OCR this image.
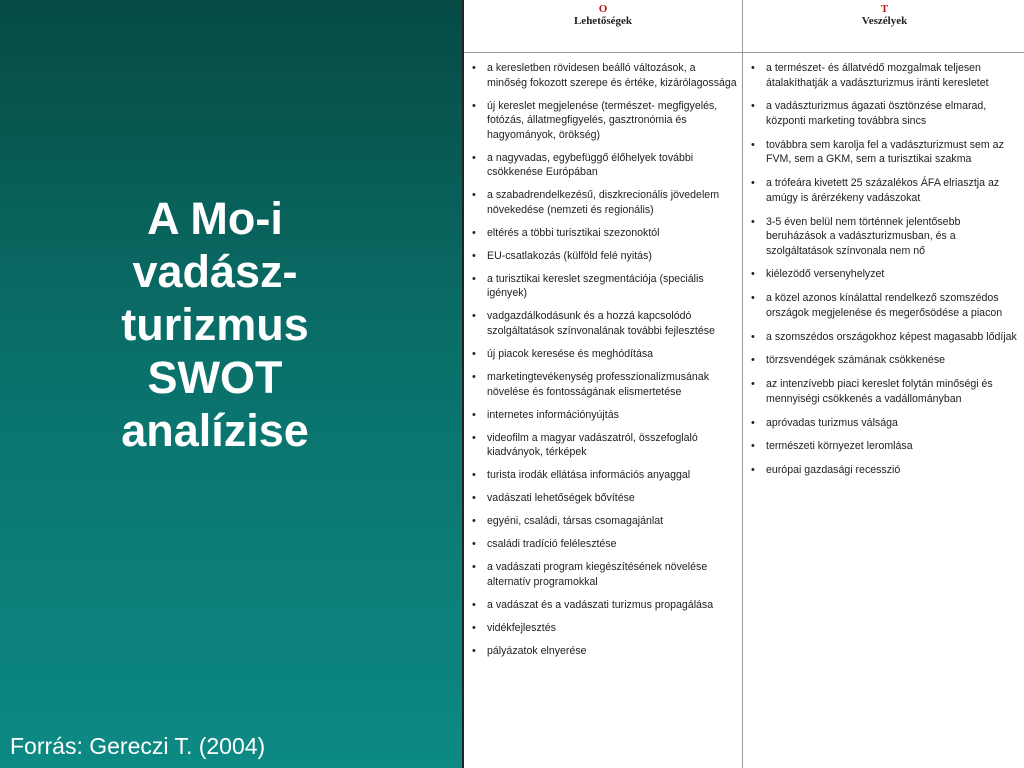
A Mo-i
vadász-
turizmus
SWOT
analízise
Forrás: Gereczi T. (2004)
O
Lehetőségek
T
Veszélyek
• a keresletben rövidesen beálló változások, a minőség fokozott szerepe és értéke, kizárólagossága
• új kereslet megjelenése (természet- megfigyelés, fotózás, állatmegfigyelés, gasztronómia és hagyományok, örökség)
• a nagyvadas, egybefüggő élőhelyek további csökkenése Európában
• a szabadrendelkezésű, diszkrecionális jövedelem növekedése (nemzeti és regionális)
• eltérés a többi turisztikai szezonoktól
• EU-csatlakozás (külföld felé nyitás)
• a turisztikai kereslet szegmentációja (speciális igények)
• vadgazdálkodásunk és a hozzá kapcsolódó szolgáltatások színvonalának további fejlesztése
• új piacok keresése és meghódítása
• marketingtevékenység professzionalizmusának növelése és fontosságának elismertetése
• internetes információnyújtás
• videofilm a magyar vadászatról, összefoglaló kiadványok, térképek
• turista irodák ellátása információs anyaggal
• vadászati lehetőségek bővítése
• egyéni, családi, társas csomagajánlat
• családi tradíció felélesztése
• a vadászati program kiegészítésének növelése alternatív programokkal
• a vadászat és a vadászati turizmus propagálása
• vidékfejlesztés
• pályázatok elnyerése
• a természet- és állatvédő mozgalmak teljesen átalakíthatják a vadászturizmus iránti keresletet
• a vadászturizmus ágazati ösztönzése elmarad, központi marketing továbbra sincs
• továbbra sem karolja fel a vadászturizmust sem az FVM, sem a GKM, sem a turisztikai szakma
• a trófeára kivetett 25 százalékos ÁFA elriasztja az amúgy is árérzékeny vadászokat
• 3-5 éven belül nem történnek jelentősebb beruházások a vadászturizmusban, és a szolgáltatások színvonala nem nő
• kiélezödő versenyhelyzet
• a közel azonos kínálattal rendelkező szomszédos országok megjelenése és megerősödése a piacon
• a szomszédos országokhoz képest magasabb lődíjak
• törzsvendégek számának csökkenése
• az intenzívebb piaci kereslet folytán minőségi és mennyiségi csökkenés a vadállományban
• apróvadas turizmus válsága
• természeti környezet leromlása
• európai gazdasági recesszió
